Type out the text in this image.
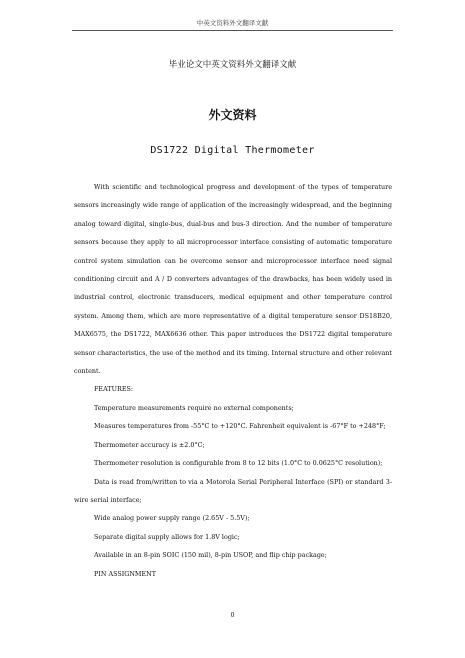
中英文资料外文翻译文献
毕业论文中英文资料外文翻译文献
外文资料
DS1722 Digital Thermometer

With scientific and technological progress and development of the types of temperature sensors increasingly wide range of application of the increasingly widespread, and the beginning analog toward digital, single-bus, dual-bus and bus-3 direction. And the number of temperature sensors because they apply to all microprocessor interface consisting of automatic temperature control system simulation can be overcome sensor and microprocessor interface need signal conditioning circuit and A / D converters advantages of the drawbacks, has been widely used in industrial control, electronic transducers, medical equipment and other temperature control system. Among them, which are more representative of a digital temperature sensor DS18B20, MAX6575, the DS1722, MAX6636 other. This paper introduces the DS1722 digital temperature sensor characteristics, the use of the method and its timing. Internal structure and other relevant content.

FEATURES:

Temperature measurements require no external components;

Measures temperatures from -55°C to +120°C. Fahrenheit equivalent is -67°F to +248°F;

Thermometer accuracy is ±2.0°C;

Thermometer resolution is configurable from 8 to 12 bits (1.0°C to 0.0625°C resolution);

Data is read from/written to via a Motorola Serial Peripheral Interface (SPI) or standard 3-wire serial interface;

Wide analog power supply range (2.65V - 5.5V);

Separate digital supply allows for 1.8V logic;

Available in an 8-pin SOIC (150 mil), 8-pin USOP, and flip chip package;

PIN ASSIGNMENT

0
